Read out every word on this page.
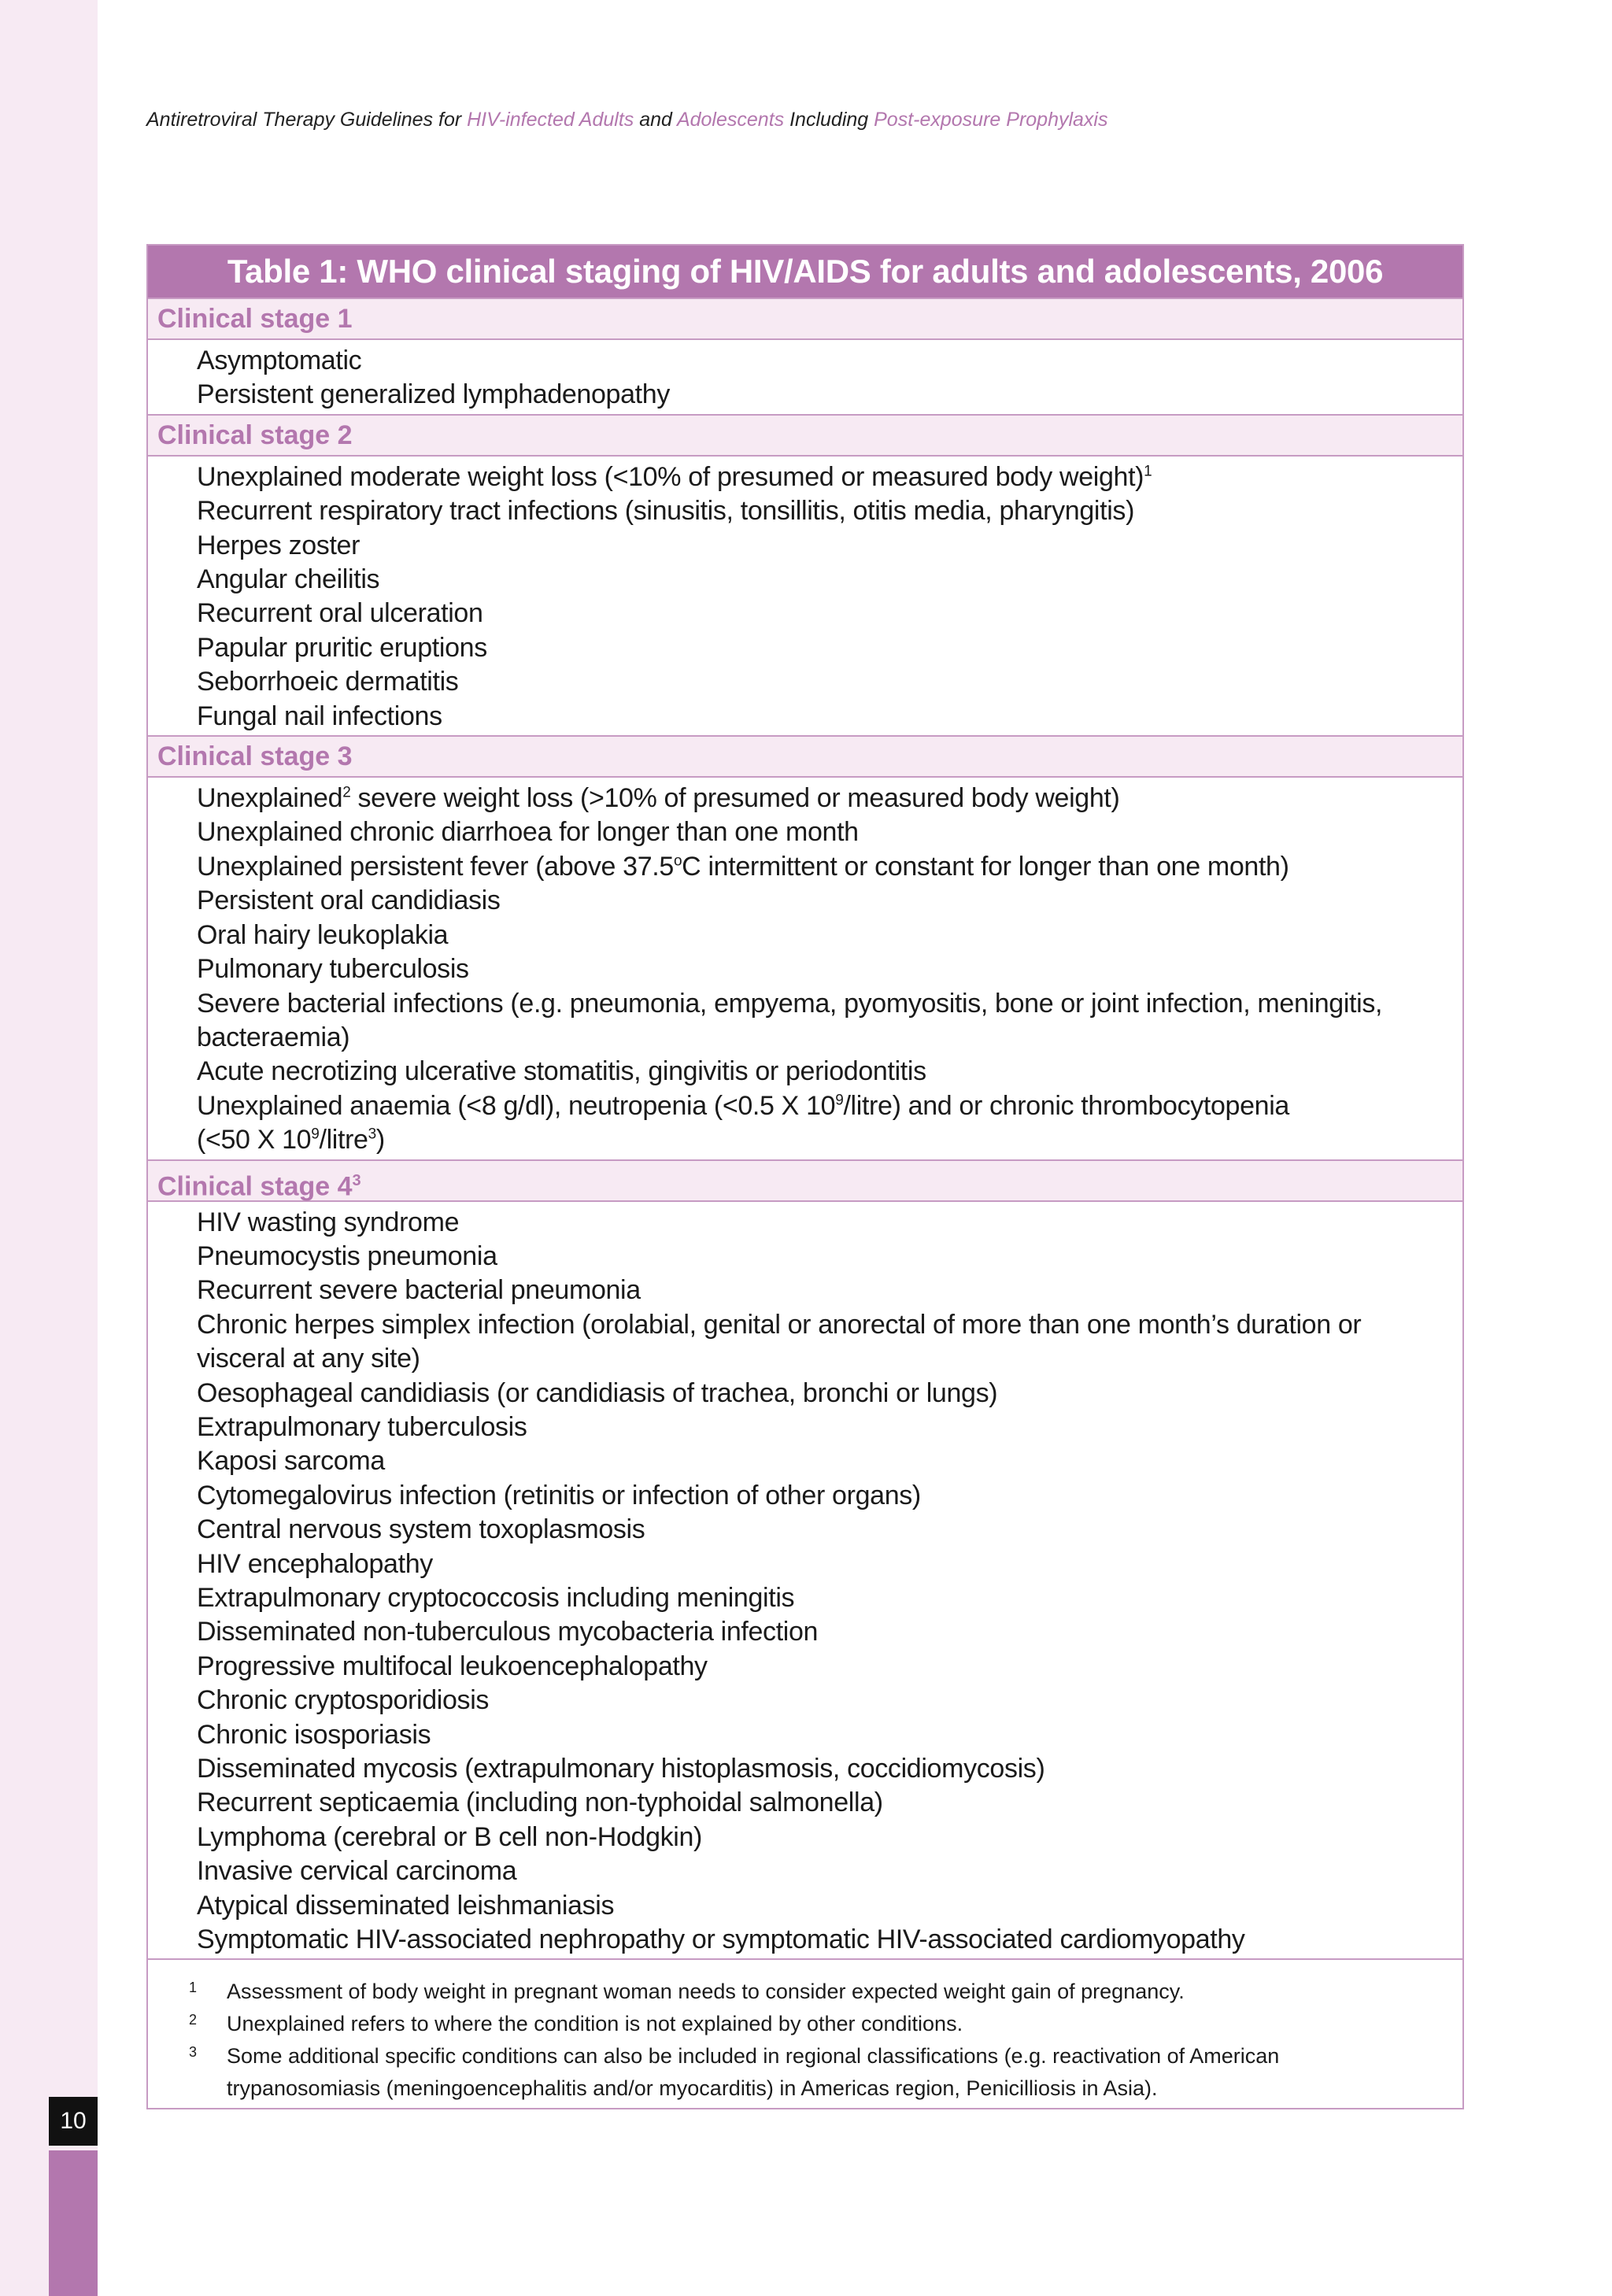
10
Antiretroviral Therapy Guidelines for HIV-infected Adults and Adolescents Including Post-exposure Prophylaxis
Table 1: WHO clinical staging of HIV/AIDS for adults and adolescents, 2006
Clinical stage 1
Asymptomatic
Persistent generalized lymphadenopathy
Clinical stage 2
Unexplained moderate weight loss (<10% of presumed or measured body weight)$^1$
Recurrent respiratory tract infections (sinusitis, tonsillitis, otitis media, pharyngitis)
Herpes zoster
Angular cheilitis
Recurrent oral ulceration
Papular pruritic eruptions
Seborrhoeic dermatitis
Fungal nail infections
Clinical stage 3
Unexplained$^2$ severe weight loss (>10% of presumed or measured body weight)
Unexplained chronic diarrhoea for longer than one month
Unexplained persistent fever (above 37.5$^o$C intermittent or constant for longer than one month)
Persistent oral candidiasis
Oral hairy leukoplakia
Pulmonary tuberculosis
Severe bacterial infections (e.g. pneumonia, empyema, pyomyositis, bone or joint infection, meningitis, bacteraemia)
Acute necrotizing ulcerative stomatitis, gingivitis or periodontitis
Unexplained anaemia (<8 g/dl), neutropenia (<0.5 X $10^9/litre$) and or chronic thrombocytopenia
(<50 X $10^9/litre^3$)
Clinical stage $4^3$
HIV wasting syndrome
Pneumocystis pneumonia
Recurrent severe bacterial pneumonia
Chronic herpes simplex infection (orolabial, genital or anorectal of more than one month’s duration or visceral at any site)
Oesophageal candidiasis (or candidiasis of trachea, bronchi or lungs)
Extrapulmonary tuberculosis
Kaposi sarcoma
Cytomegalovirus infection (retinitis or infection of other organs)
Central nervous system toxoplasmosis
HIV encephalopathy
Extrapulmonary cryptococcosis including meningitis
Disseminated non-tuberculous mycobacteria infection
Progressive multifocal leukoencephalopathy
Chronic cryptosporidiosis
Chronic isosporiasis
Disseminated mycosis (extrapulmonary histoplasmosis, coccidiomycosis)
Recurrent septicaemia (including non-typhoidal salmonella)
Lymphoma (cerebral or B cell non-Hodgkin)
Invasive cervical carcinoma
Atypical disseminated leishmaniasis
Symptomatic HIV-associated nephropathy or symptomatic HIV-associated cardiomyopathy
1	Assessment of body weight in pregnant woman needs to consider expected weight gain of pregnancy.
2	Unexplained refers to where the condition is not explained by other conditions.
3	Some additional specific conditions can also be included in regional classifications (e.g. reactivation of American trypanosomiasis (meningoencephalitis and/or myocarditis) in Americas region, Penicilliosis in Asia).
